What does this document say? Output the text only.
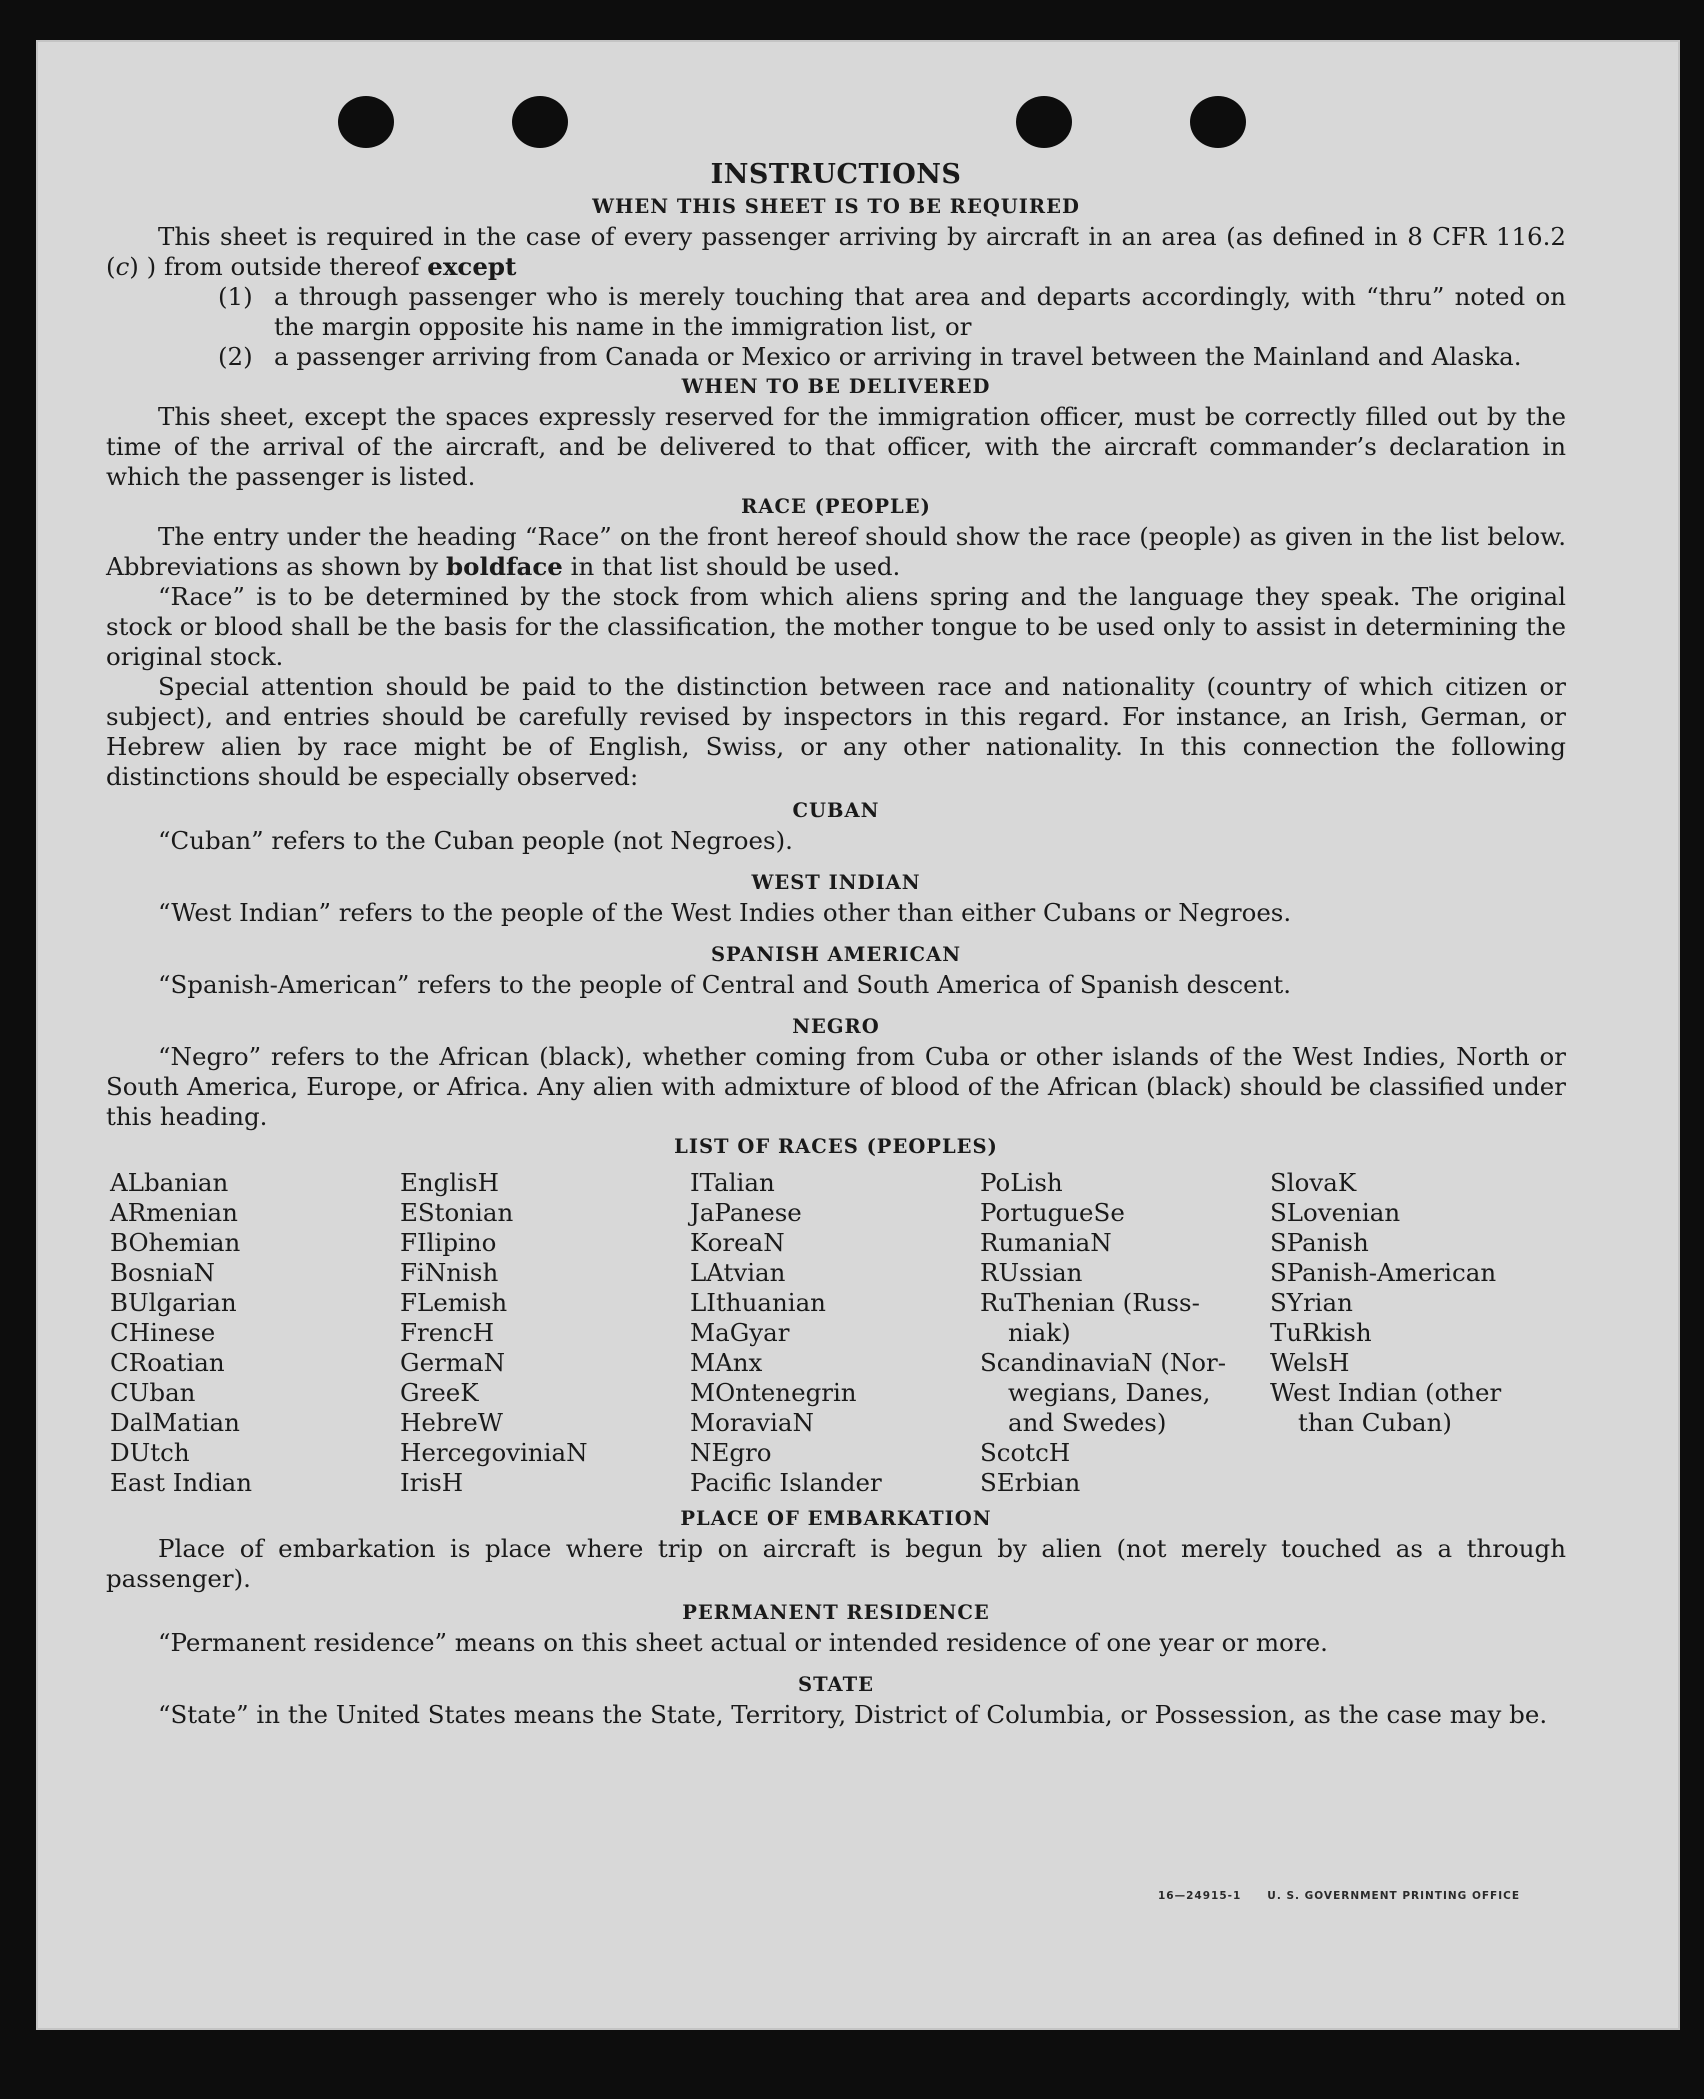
INSTRUCTIONS
WHEN THIS SHEET IS TO BE REQUIRED

This sheet is required in the case of every passenger arriving by aircraft in an area (as defined in 8 CFR 116.2 (c) ) from outside thereof except

(1) a through passenger who is merely touching that area and departs accordingly, with “thru” noted on the margin opposite his name in the immigration list, or
(2) a passenger arriving from Canada or Mexico or arriving in travel between the Mainland and Alaska.
WHEN TO BE DELIVERED

This sheet, except the spaces expressly reserved for the immigration officer, must be correctly filled out by the time of the arrival of the aircraft, and be delivered to that officer, with the aircraft commander’s declaration in which the passenger is listed.

RACE (PEOPLE)

The entry under the heading “Race” on the front hereof should show the race (people) as given in the list below. Abbreviations as shown by boldface in that list should be used.

“Race” is to be determined by the stock from which aliens spring and the language they speak. The original stock or blood shall be the basis for the classification, the mother tongue to be used only to assist in determining the original stock.

Special attention should be paid to the distinction between race and nationality (country of which citizen or subject), and entries should be carefully revised by inspectors in this regard. For instance, an Irish, German, or Hebrew alien by race might be of English, Swiss, or any other nationality. In this connection the following distinctions should be especially observed:

CUBAN

“Cuban” refers to the Cuban people (not Negroes).

WEST INDIAN

“West Indian” refers to the people of the West Indies other than either Cubans or Negroes.

SPANISH AMERICAN

“Spanish-American” refers to the people of Central and South America of Spanish descent.

NEGRO

“Negro” refers to the African (black), whether coming from Cuba or other islands of the West Indies, North or South America, Europe, or Africa. Any alien with admixture of blood of the African (black) should be classified under this heading.

LIST OF RACES (PEOPLES)
ALbanian
ARmenian
BOhemian
BosniaN
BUlgarian
CHinese
CRoatian
CUban
DalMatian
DUtch
East Indian
EnglisH
EStonian
FIlipino
FiNnish
FLemish
FrencH
GermaN
GreeK
HebreW
HercegoviniaN
IrisH
ITalian
JaPanese
KoreaN
LAtvian
LIthuanian
MaGyar
MAnx
MOntenegrin
MoraviaN
NEgro
Pacific Islander
PoLish
PortugueSe
RumaniaN
RUssian
RuThenian (Russ-
niak)
ScandinaviaN (Nor-
wegians, Danes,
and Swedes)
ScotcH
SErbian
SlovaK
SLovenian
SPanish
SPanish-American
SYrian
TuRkish
WelsH
West Indian (other
than Cuban)
PLACE OF EMBARKATION

Place of embarkation is place where trip on aircraft is begun by alien (not merely touched as a through passenger).

PERMANENT RESIDENCE

“Permanent residence” means on this sheet actual or intended residence of one year or more.

STATE

“State” in the United States means the State, Territory, District of Columbia, or Possession, as the case may be.

16—24915-1 U. S. GOVERNMENT PRINTING OFFICE
